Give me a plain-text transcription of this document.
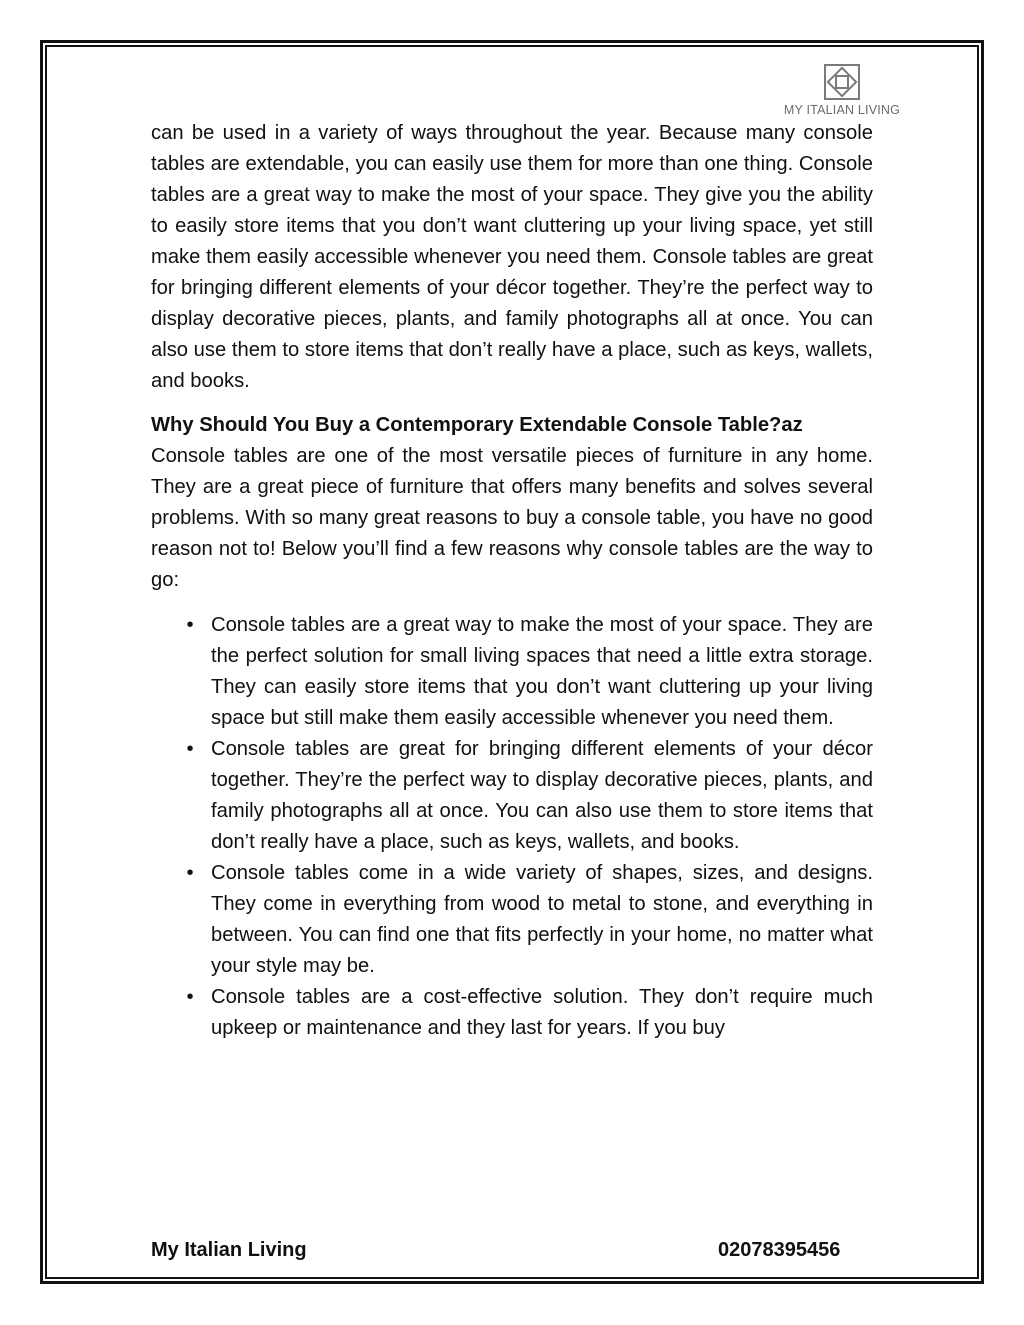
MY ITALIAN LIVING

can be used in a variety of ways throughout the year. Because many console tables are extendable, you can easily use them for more than one thing. Console tables are a great way to make the most of your space. They give you the ability to easily store items that you don’t want cluttering up your living space, yet still make them easily accessible whenever you need them. Console tables are great for bringing different elements of your décor together. They’re the perfect way to display decorative pieces, plants, and family photographs all at once. You can also use them to store items that don’t really have a place, such as keys, wallets, and books.

Why Should You Buy a Contemporary Extendable Console Table?az

Console tables are one of the most versatile pieces of furniture in any home. They are a great piece of furniture that offers many benefits and solves several problems. With so many great reasons to buy a console table, you have no good reason not to! Below you’ll find a few reasons why console tables are the way to go:

• Console tables are a great way to make the most of your space. They are the perfect solution for small living spaces that need a little extra storage. They can easily store items that you don’t want cluttering up your living space but still make them easily accessible whenever you need them.
• Console tables are great for bringing different elements of your décor together. They’re the perfect way to display decorative pieces, plants, and family photographs all at once. You can also use them to store items that don’t really have a place, such as keys, wallets, and books.
• Console tables come in a wide variety of shapes, sizes, and designs. They come in everything from wood to metal to stone, and everything in between. You can find one that fits perfectly in your home, no matter what your style may be.
• Console tables are a cost-effective solution. They don’t require much upkeep or maintenance and they last for years. If you buy
My Italian Living	02078395456
